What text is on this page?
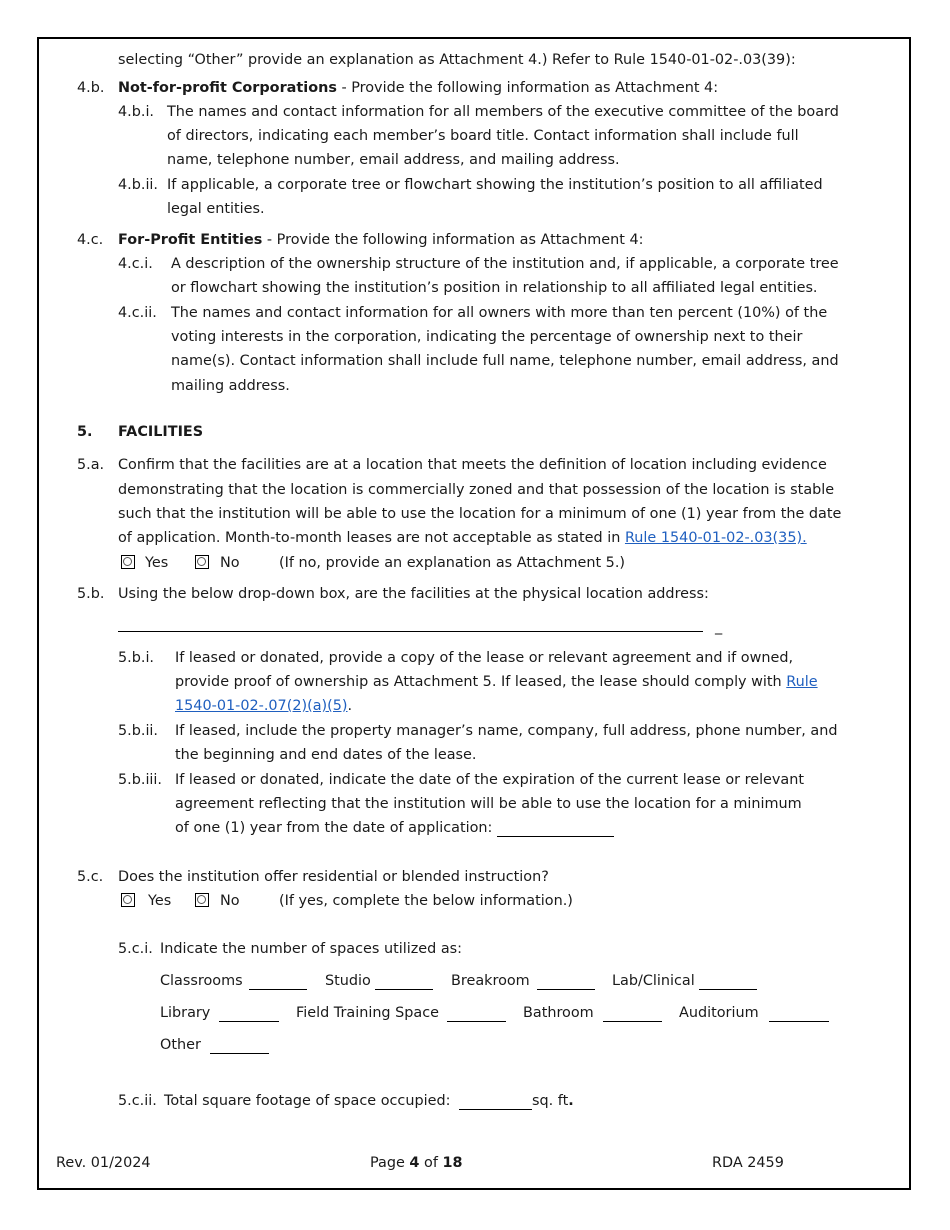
selecting “Other” provide an explanation as Attachment 4.) Refer to Rule 1540-01-02-.03(39):
4.b. Not-for-profit Corporations - Provide the following information as Attachment 4:
4.b.i. The names and contact information for all members of the executive committee of the board
of directors, indicating each member’s board title. Contact information shall include full
name, telephone number, email address, and mailing address.
4.b.ii. If applicable, a corporate tree or flowchart showing the institution’s position to all affiliated
legal entities.
4.c. For-Profit Entities - Provide the following information as Attachment 4:
4.c.i. A description of the ownership structure of the institution and, if applicable, a corporate tree
or flowchart showing the institution’s position in relationship to all affiliated legal entities.
4.c.ii. The names and contact information for all owners with more than ten percent (10%) of the
voting interests in the corporation, indicating the percentage of ownership next to their
name(s). Contact information shall include full name, telephone number, email address, and
mailing address.
5. FACILITIES
5.a. Confirm that the facilities are at a location that meets the definition of location including evidence
demonstrating that the location is commercially zoned and that possession of the location is stable
such that the institution will be able to use the location for a minimum of one (1) year from the date
of application. Month-to-month leases are not acceptable as stated in Rule 1540-01-02-.03(35).
Yes	No	(If no, provide an explanation as Attachment 5.)
5.b. Using the below drop-down box, are the facilities at the physical location address:
_
5.b.i. If leased or donated, provide a copy of the lease or relevant agreement and if owned,
provide proof of ownership as Attachment 5. If leased, the lease should comply with Rule
1540-01-02-.07(2)(a)(5).
5.b.ii. If leased, include the property manager’s name, company, full address, phone number, and
the beginning and end dates of the lease.
5.b.iii. If leased or donated, indicate the date of the expiration of the current lease or relevant
agreement reflecting that the institution will be able to use the location for a minimum
of one (1) year from the date of application:
5.c. Does the institution offer residential or blended instruction?
Yes	No	(If yes, complete the below information.)
5.c.i. Indicate the number of spaces utilized as:
Classrooms	Studio	Breakroom	Lab/Clinical
Library	Field Training Space	Bathroom	Auditorium
Other
5.c.ii. Total square footage of space occupied:	sq. ft.
Rev. 01/2024	Page 4 of 18	RDA 2459
